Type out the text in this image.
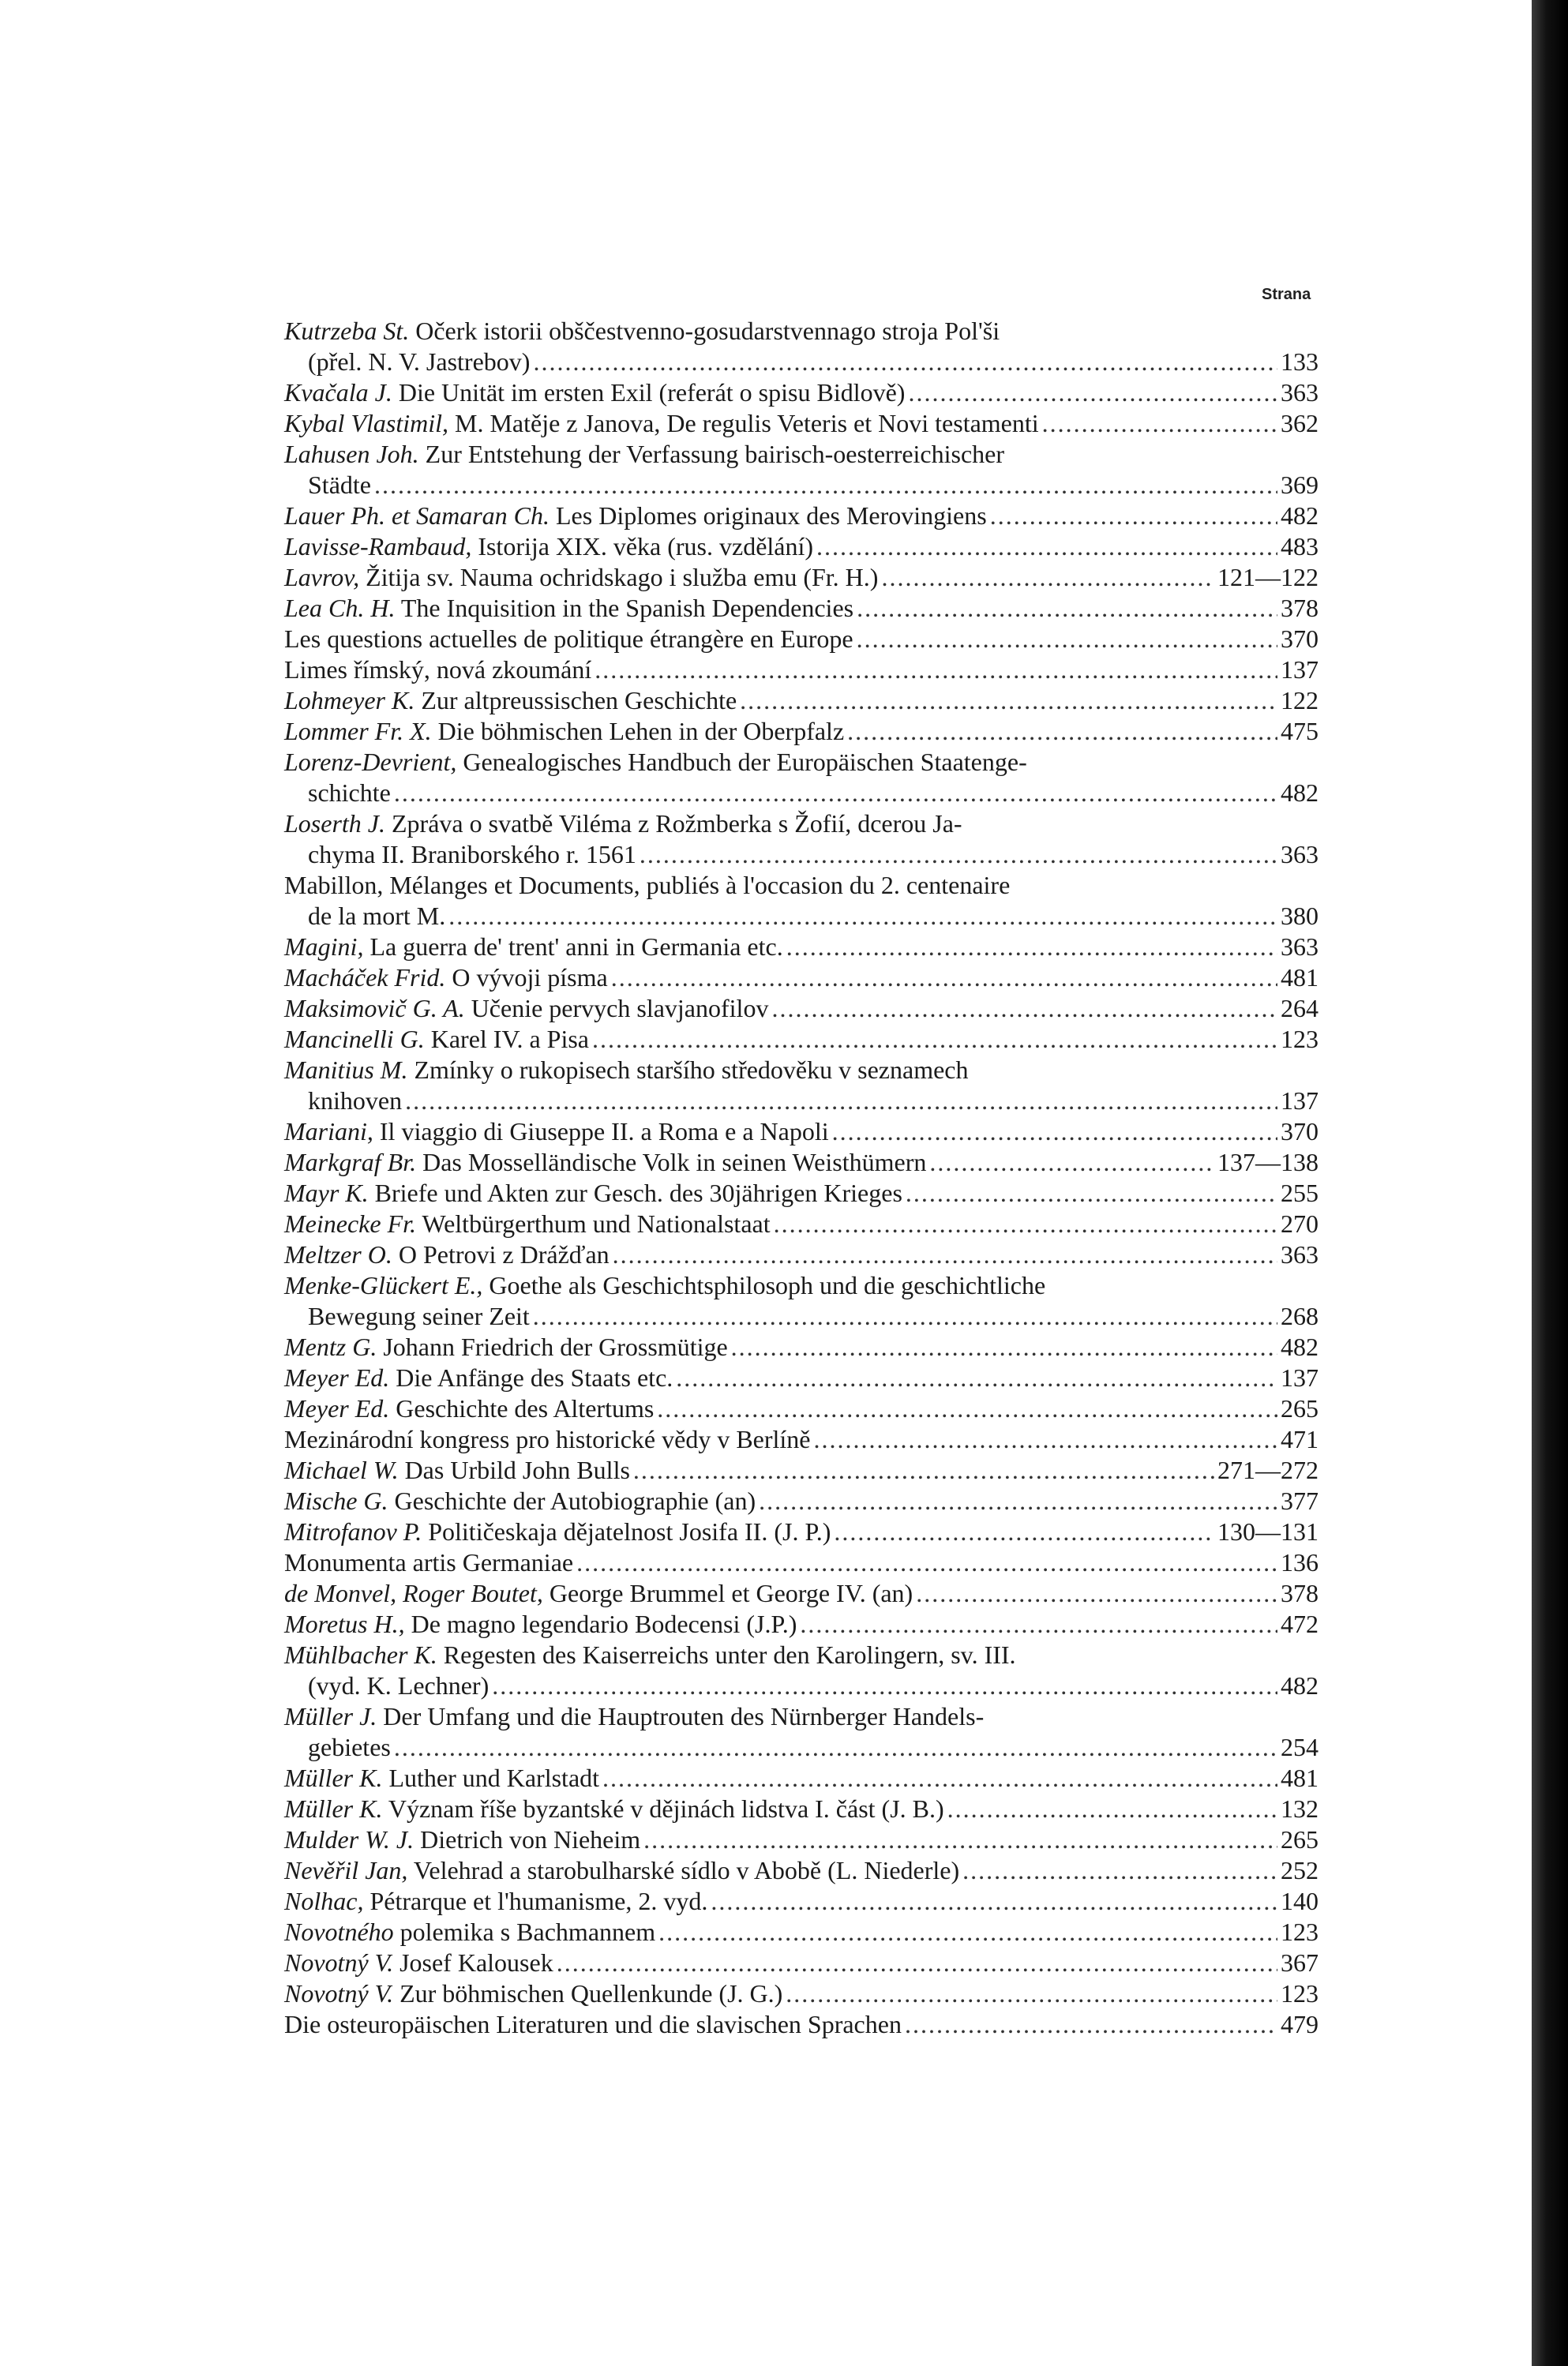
Strana
Kutrzeba St. Očerk istorii obščestvenno-gosudarstvennago stroja Pol'ši
(přel. N. V. Jastrebov) .....	133
Kvačala J. Die Unität im ersten Exil (referát o spisu Bidlově) .....	363
Kybal Vlastimil, M. Matěje z Janova, De regulis Veteris et Novi testamenti .....	362
Lahusen Joh. Zur Entstehung der Verfassung bairisch-oesterreichischer
Städte .....	369
Lauer Ph. et Samaran Ch. Les Diplomes originaux des Merovingiens .....	482
Lavisse-Rambaud, Istorija XIX. věka (rus. vzdělání) .....	483
Lavrov, Žitija sv. Nauma ochridskago i služba emu (Fr. H.) .....	121—122
Lea Ch. H. The Inquisition in the Spanish Dependencies .....	378
Les questions actuelles de politique étrangère en Europe .....	370
Limes římský, nová zkoumání .....	137
Lohmeyer K. Zur altpreussischen Geschichte .....	122
Lommer Fr. X. Die böhmischen Lehen in der Oberpfalz .....	475
Lorenz-Devrient, Genealogisches Handbuch der Europäischen Staatenge-
schichte .....	482
Loserth J. Zpráva o svatbě Viléma z Rožmberka s Žofií, dcerou Ja-
chyma II. Braniborského r. 1561 .....	363
Mabillon, Mélanges et Documents, publiés à l'occasion du 2. centenaire
de la mort M. .....	380
Magini, La guerra de' trent' anni in Germania etc. .....	363
Macháček Frid. O vývoji písma .....	481
Maksimovič G. A. Učenie pervych slavjanofilov .....	264
Mancinelli G. Karel IV. a Pisa .....	123
Manitius M. Zmínky o rukopisech staršího středověku v seznamech
knihoven .....	137
Mariani, Il viaggio di Giuseppe II. a Roma e a Napoli .....	370
Markgraf Br. Das Mosselländische Volk in seinen Weisthümern .....	137—138
Mayr K. Briefe und Akten zur Gesch. des 30jährigen Krieges .....	255
Meinecke Fr. Weltbürgerthum und Nationalstaat .....	270
Meltzer O. O Petrovi z Drážďan .....	363
Menke-Glückert E., Goethe als Geschichtsphilosoph und die geschichtliche
Bewegung seiner Zeit .....	268
Mentz G. Johann Friedrich der Grossmütige .....	482
Meyer Ed. Die Anfänge des Staats etc. .....	137
Meyer Ed. Geschichte des Altertums .....	265
Mezinárodní kongress pro historické vědy v Berlíně .....	471
Michael W. Das Urbild John Bulls .....	271—272
Mische G. Geschichte der Autobiographie (an) .....	377
Mitrofanov P. Političeskaja dějatelnost Josifa II. (J. P.) .....	130—131
Monumenta artis Germaniae .....	136
de Monvel, Roger Boutet, George Brummel et George IV. (an) .....	378
Moretus H., De magno legendario Bodecensi (J.P.) .....	472
Mühlbacher K. Regesten des Kaiserreichs unter den Karolingern, sv. III.
(vyd. K. Lechner) .....	482
Müller J. Der Umfang und die Hauptrouten des Nürnberger Handels-
gebietes .....	254
Müller K. Luther und Karlstadt .....	481
Müller K. Význam říše byzantské v dějinách lidstva I. část (J. B.) .....	132
Mulder W. J. Dietrich von Nieheim .....	265
Nevěřil Jan, Velehrad a starobulharské sídlo v Abobě (L. Niederle) .....	252
Nolhac, Pétrarque et l'humanisme, 2. vyd. .....	140
Novotného polemika s Bachmannem .....	123
Novotný V. Josef Kalousek .....	367
Novotný V. Zur böhmischen Quellenkunde (J. G.) .....	123
Die osteuropäischen Literaturen und die slavischen Sprachen .....	479
